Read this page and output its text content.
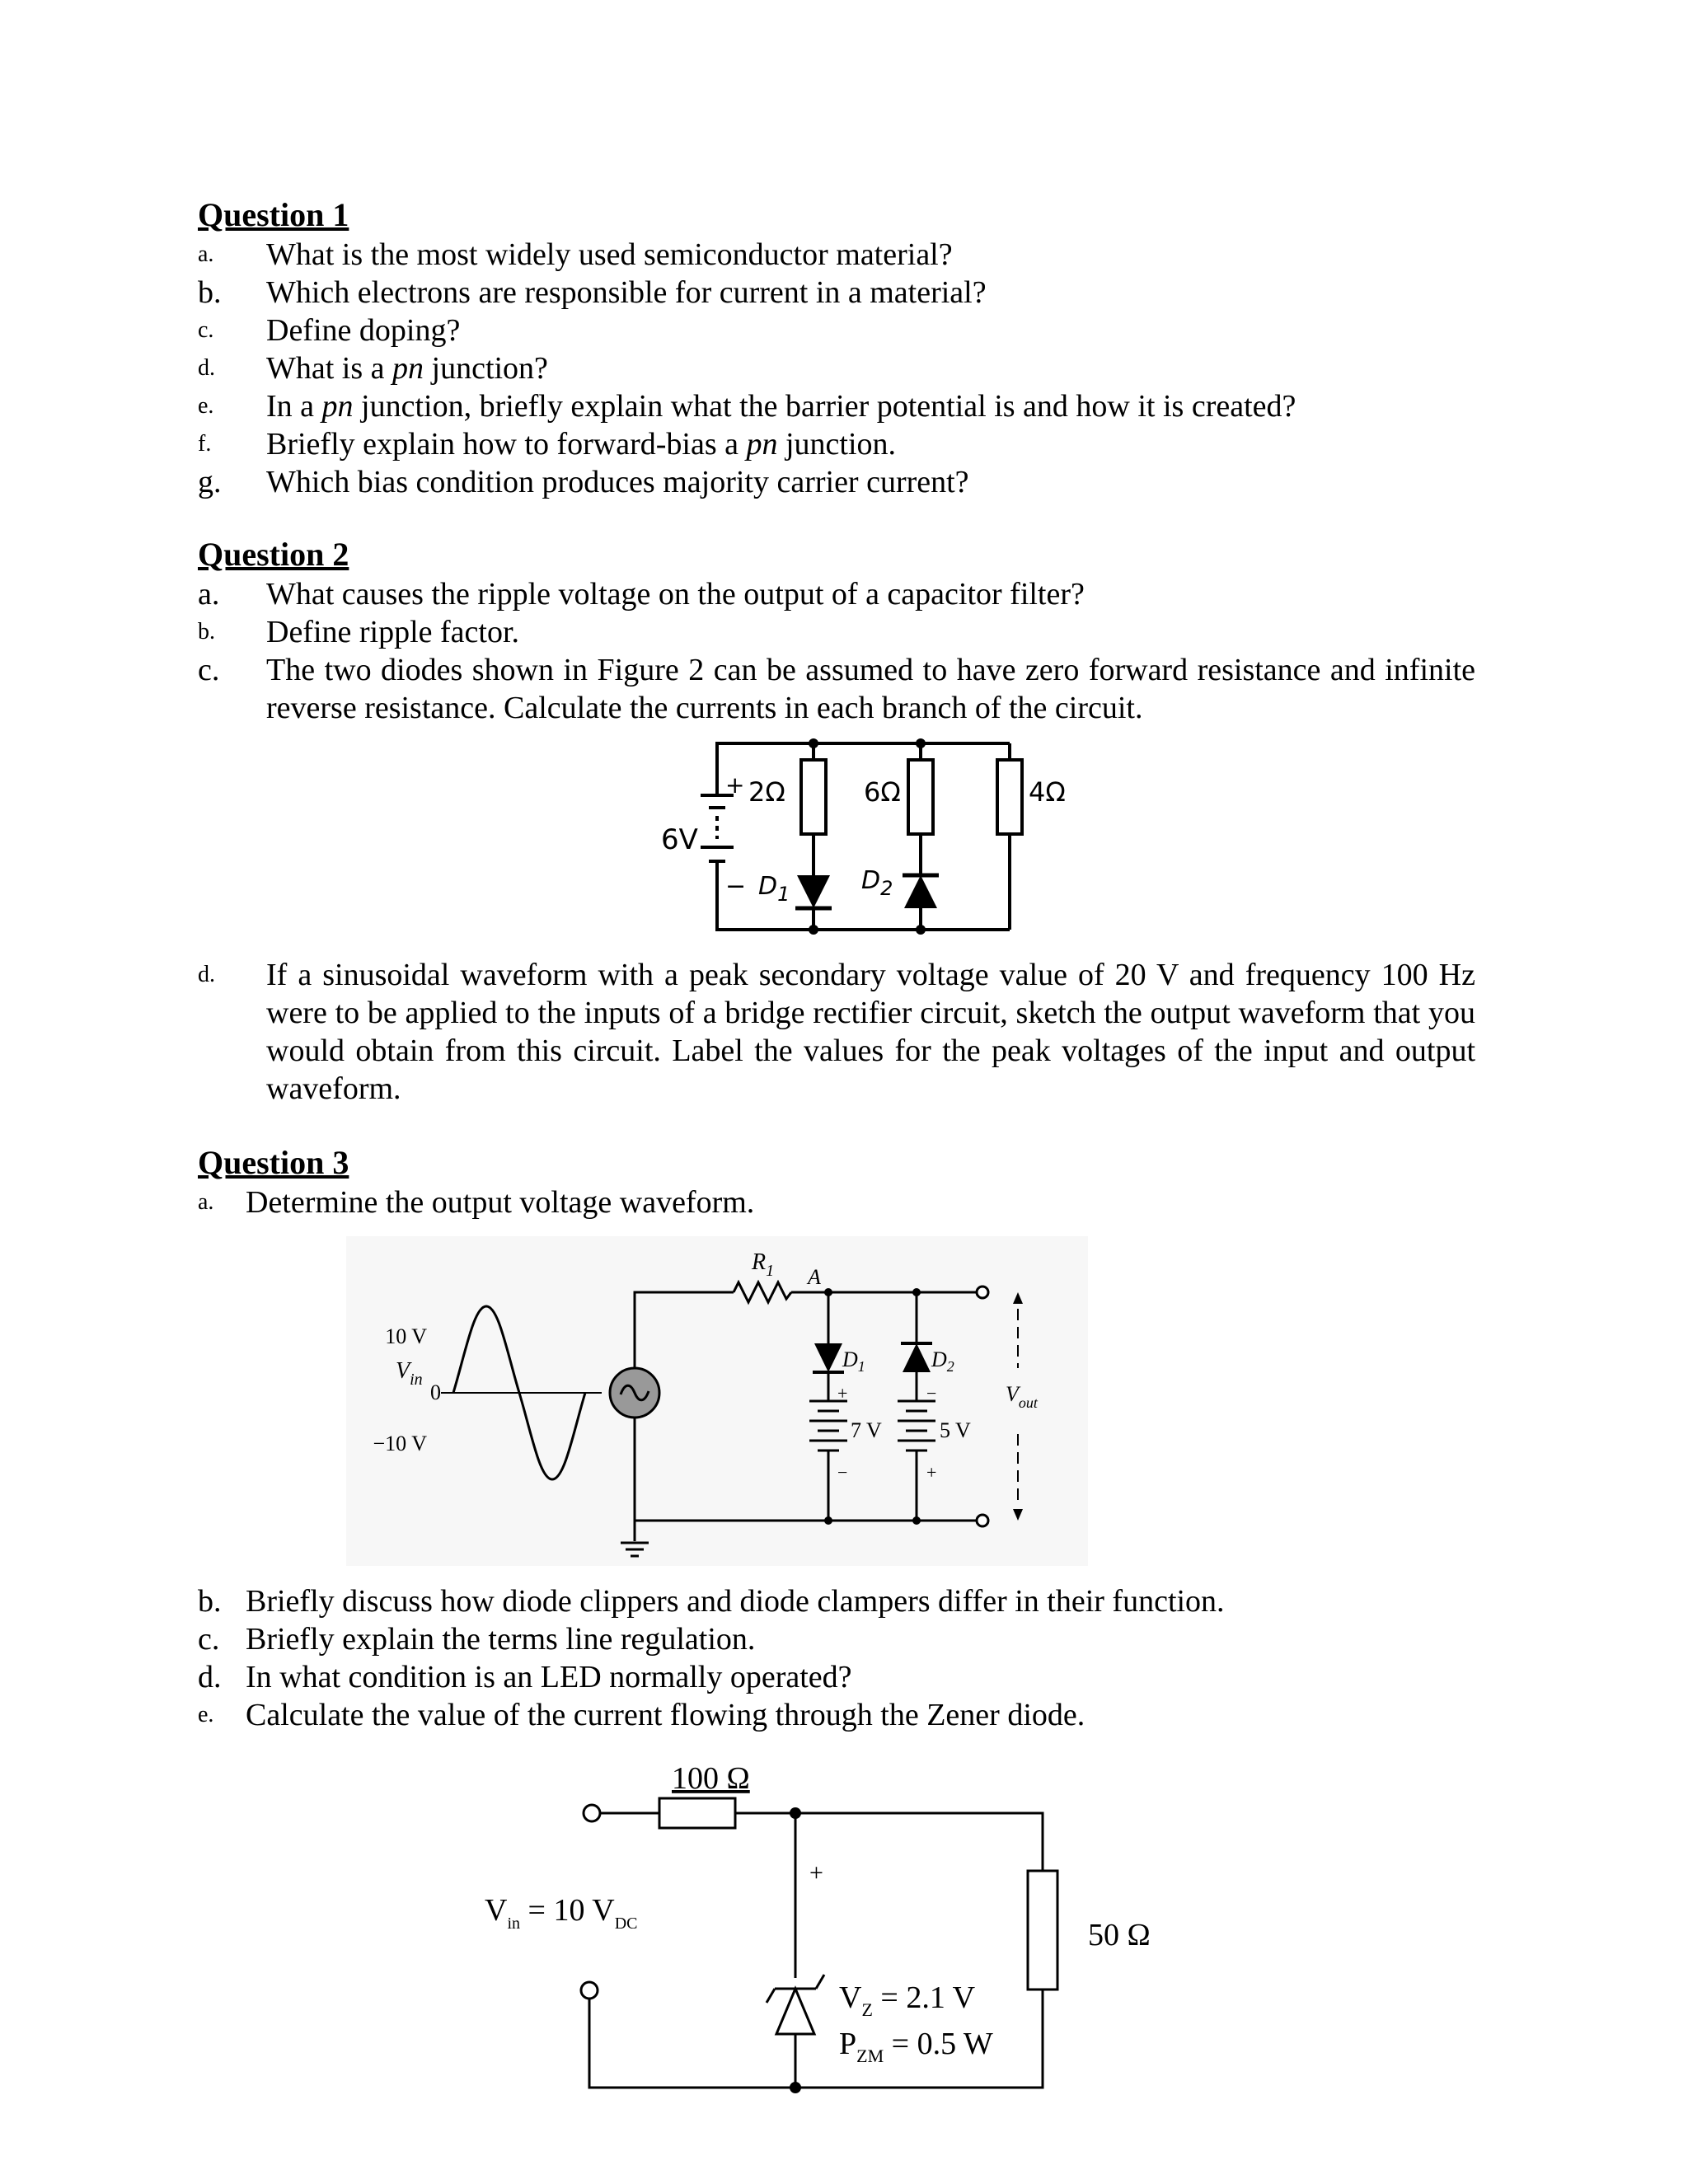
Question 1
a. What is the most widely used semiconductor material?
b. Which electrons are responsible for current in a material?
c. Define doping?
d. What is a pn junction?
e. In a pn junction, briefly explain what the barrier potential is and how it is created?
f. Briefly explain how to forward-bias a pn junction.
g. Which bias condition produces majority carrier current?
Question 2
a. What causes the ripple voltage on the output of a capacitor filter?
b. Define ripple factor.
c. The two diodes shown in Figure 2 can be assumed to have zero forward resistance and infinite reverse resistance. Calculate the currents in each branch of the circuit.
+
−
6V
2Ω	6Ω	4Ω
$D_1$	$D_2$
d. If a sinusoidal waveform with a peak secondary voltage value of 20 V and frequency 100 Hz were to be applied to the inputs of a bridge rectifier circuit, sketch the output waveform that you would obtain from this circuit. Label the values for the peak voltages of the input and output waveform.
Question 3
a. Determine the output voltage waveform.
10 V
0
−10 V
$V_{in}$
$R_1$ A
$D_1$	$D_2$
+
−
7 V
−
+
5 V
$V_{out}$
b. Briefly discuss how diode clippers and diode clampers differ in their function.
c. Briefly explain the terms line regulation.
d. In what condition is an LED normally operated?
e. Calculate the value of the current flowing through the Zener diode.
100 Ω
50 Ω
+
$V_{in} = 10$ $V_{DC}$
$V_Z = 2.1$ V
$P_{ZM} = 0.5$ W
